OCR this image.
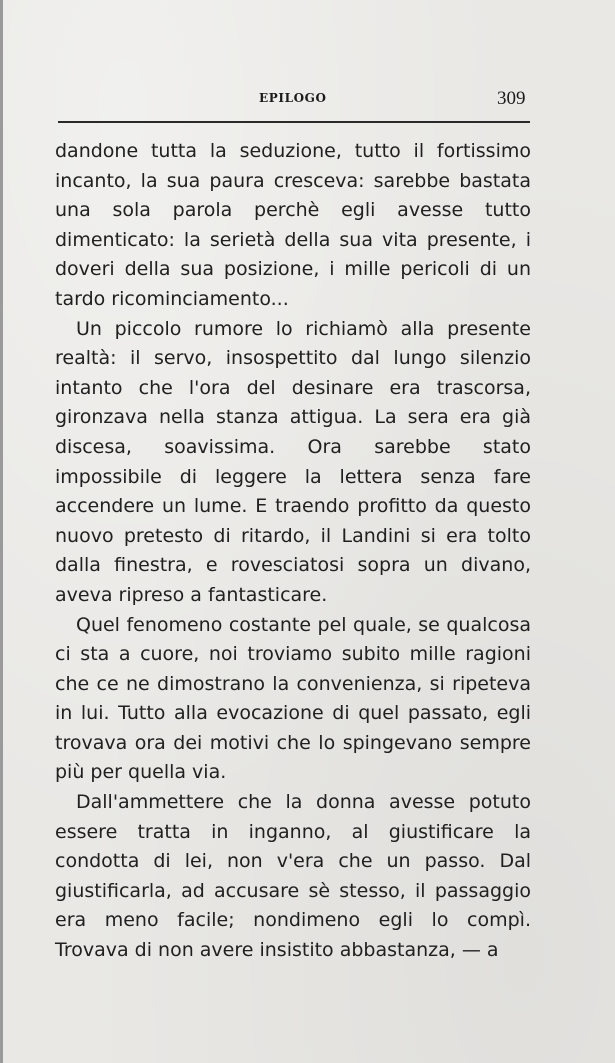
EPILOGO	309

dandone tutta la seduzione, tutto il fortissimo incanto, la sua paura cresceva: sarebbe bastata una sola parola perchè egli avesse tutto dimenticato: la serietà della sua vita presente, i doveri della sua posizione, i mille pericoli di un tardo ricominciamento...

Un piccolo rumore lo richiamò alla presente realtà: il servo, insospettito dal lungo silenzio intanto che l'ora del desinare era trascorsa, gironzava nella stanza attigua. La sera era già discesa, soavissima. Ora sarebbe stato impossibile di leggere la lettera senza fare accendere un lume. E traendo profitto da questo nuovo pretesto di ritardo, il Landini si era tolto dalla finestra, e rovesciatosi sopra un divano, aveva ripreso a fantasticare.

Quel fenomeno costante pel quale, se qualcosa ci sta a cuore, noi troviamo subito mille ragioni che ce ne dimostrano la convenienza, si ripeteva in lui. Tutto alla evocazione di quel passato, egli trovava ora dei motivi che lo spingevano sempre più per quella via.

Dall'ammettere che la donna avesse potuto essere tratta in inganno, al giustificare la condotta di lei, non v'era che un passo. Dal giustificarla, ad accusare sè stesso, il passaggio era meno facile; nondimeno egli lo compì. Trovava di non avere insistito abbastanza, — a
